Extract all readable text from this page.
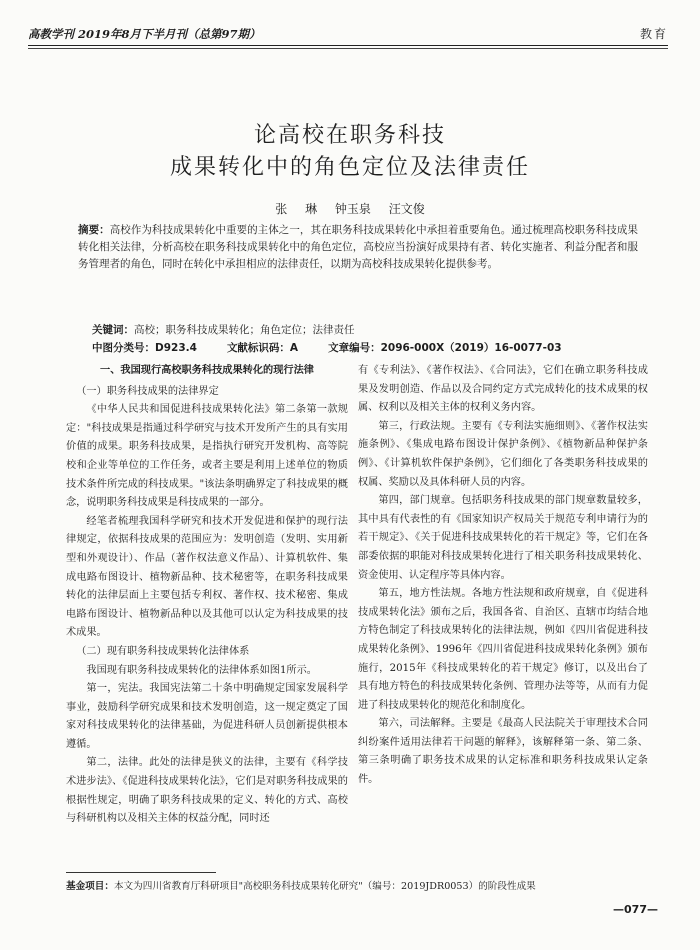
高教学刊 2019年8月下半月刊（总第97期）	教育
论高校在职务科技
成果转化中的角色定位及法律责任
张 琳 钟玉泉 汪文俊
摘要：高校作为科技成果转化中重要的主体之一，其在职务科技成果转化中承担着重要角色。通过梳理高校职务科技成果转化相关法律，分析高校在职务科技成果转化中的角色定位，高校应当扮演好成果持有者、转化实施者、利益分配者和服务管理者的角色，同时在转化中承担相应的法律责任，以期为高校科技成果转化提供参考。
关键词：高校；职务科技成果转化；角色定位；法律责任
中图分类号：D923.4	文献标识码：A	文章编号：2096-000X（2019）16-0077-03

一、我国现行高校职务科技成果转化的现行法律

（一）职务科技成果的法律界定

《中华人民共和国促进科技成果转化法》第二条第一款规定："科技成果是指通过科学研究与技术开发所产生的具有实用价值的成果。职务科技成果，是指执行研究开发机构、高等院校和企业等单位的工作任务，或者主要是利用上述单位的物质技术条件所完成的科技成果。"该法条明确界定了科技成果的概念，说明职务科技成果是科技成果的一部分。

经笔者梳理我国科学研究和技术开发促进和保护的现行法律规定，依据科技成果的范围应为：发明创造（发明、实用新型和外观设计）、作品（著作权法意义作品）、计算机软件、集成电路布图设计、植物新品种、技术秘密等，在职务科技成果转化的法律层面上主要包括专利权、著作权、技术秘密、集成电路布图设计、植物新品种以及其他可以认定为科技成果的技术成果。

（二）现有职务科技成果转化法律体系

我国现有职务科技成果转化的法律体系如图1所示。

第一，宪法。我国宪法第二十条中明确规定国家发展科学事业，鼓励科学研究成果和技术发明创造，这一规定奠定了国家对科技成果转化的法律基础，为促进科研人员创新提供根本遵循。

第二，法律。此处的法律是狭义的法律，主要有《科学技术进步法》、《促进科技成果转化法》，它们是对职务科技成果的根据性规定，明确了职务科技成果的定义、转化的方式、高校与科研机构以及相关主体的权益分配，同时还

有《专利法》、《著作权法》、《合同法》，它们在确立职务科技成果及发明创造、作品以及合同约定方式完成转化的技术成果的权属、权利以及相关主体的权利义务内容。

第三，行政法规。主要有《专利法实施细则》、《著作权法实施条例》、《集成电路布图设计保护条例》、《植物新品种保护条例》、《计算机软件保护条例》，它们细化了各类职务科技成果的权属、奖励以及具体科研人员的内容。

第四，部门规章。包括职务科技成果的部门规章数量较多，其中具有代表性的有《国家知识产权局关于规范专利申请行为的若干规定》、《关于促进科技成果转化的若干规定》等，它们在各部委依据的职能对科技成果转化进行了相关职务科技成果转化、资金使用、认定程序等具体内容。

第五，地方性法规。各地方性法规和政府规章，自《促进科技成果转化法》颁布之后，我国各省、自治区、直辖市均结合地方特色制定了科技成果转化的法律法规，例如《四川省促进科技成果转化条例》、1996年《四川省促进科技成果转化条例》颁布施行，2015年《科技成果转化的若干规定》修订，以及出台了具有地方特色的科技成果转化条例、管理办法等等，从而有力促进了科技成果转化的规范化和制度化。

第六，司法解释。主要是《最高人民法院关于审理技术合同纠纷案件适用法律若干问题的解释》，该解释第一条、第二条、第三条明确了职务技术成果的认定标准和职务科技成果认定条件。

基金项目：本文为四川省教育厅科研项目"高校职务科技成果转化研究"（编号：2019JDR0053）的阶段性成果
—077—
